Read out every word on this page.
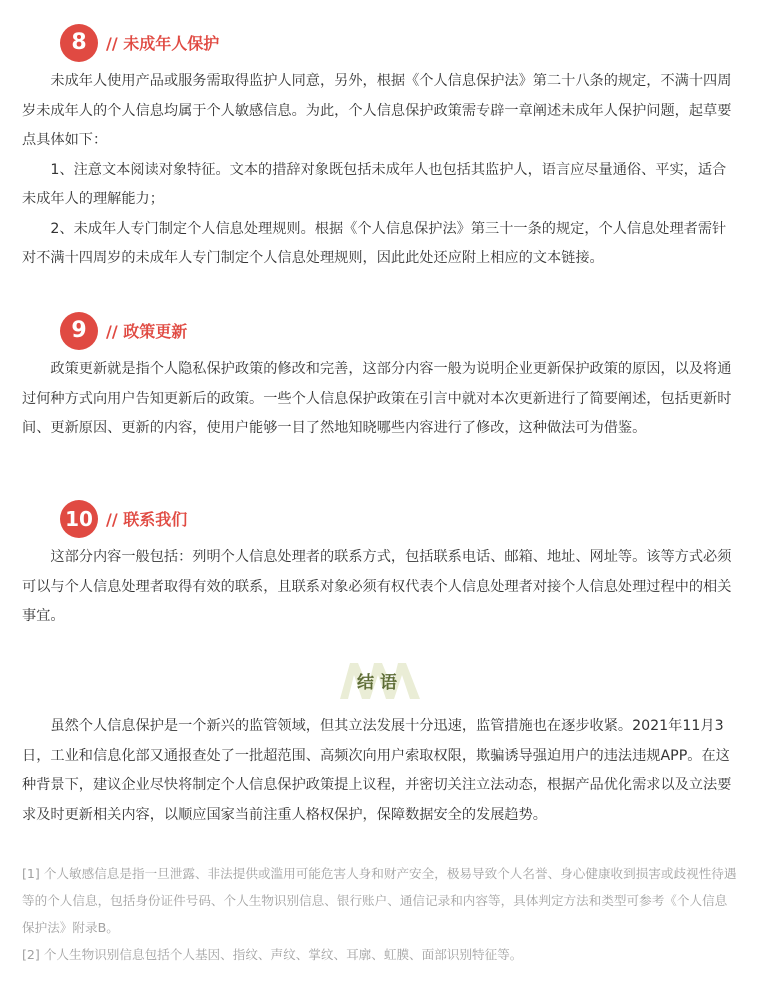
8	// 未成年人保护

未成年人使用产品或服务需取得监护人同意，另外，根据《个人信息保护法》第二十八条的规定，不满十四周岁未成年人的个人信息均属于个人敏感信息。为此，个人信息保护政策需专辟一章阐述未成年人保护问题，起草要点具体如下：

1、注意文本阅读对象特征。文本的措辞对象既包括未成年人也包括其监护人，语言应尽量通俗、平实，适合未成年人的理解能力；

2、未成年人专门制定个人信息处理规则。根据《个人信息保护法》第三十一条的规定，个人信息处理者需针对不满十四周岁的未成年人专门制定个人信息处理规则，因此此处还应附上相应的文本链接。

9	// 政策更新

政策更新就是指个人隐私保护政策的修改和完善，这部分内容一般为说明企业更新保护政策的原因，以及将通过何种方式向用户告知更新后的政策。一些个人信息保护政策在引言中就对本次更新进行了简要阐述，包括更新时间、更新原因、更新的内容，使用户能够一目了然地知晓哪些内容进行了修改，这种做法可为借鉴。

10 // 联系我们

这部分内容一般包括：列明个人信息处理者的联系方式，包括联系电话、邮箱、地址、网址等。该等方式必须可以与个人信息处理者取得有效的联系，且联系对象必须有权代表个人信息处理者对接个人信息处理过程中的相关事宜。

结语

虽然个人信息保护是一个新兴的监管领域，但其立法发展十分迅速，监管措施也在逐步收紧。2021年11月3日，工业和信息化部又通报查处了一批超范围、高频次向用户索取权限，欺骗诱导强迫用户的违法违规APP。在这种背景下，建议企业尽快将制定个人信息保护政策提上议程，并密切关注立法动态，根据产品优化需求以及立法要求及时更新相关内容，以顺应国家当前注重人格权保护，保障数据安全的发展趋势。

[1] 个人敏感信息是指一旦泄露、非法提供或滥用可能危害人身和财产安全，极易导致个人名誉、身心健康收到损害或歧视性待遇等的个人信息，包括身份证件号码、个人生物识别信息、银行账户、通信记录和内容等，具体判定方法和类型可参考《个人信息保护法》附录B。

[2] 个人生物识别信息包括个人基因、指纹、声纹、掌纹、耳廓、虹膜、面部识别特征等。
